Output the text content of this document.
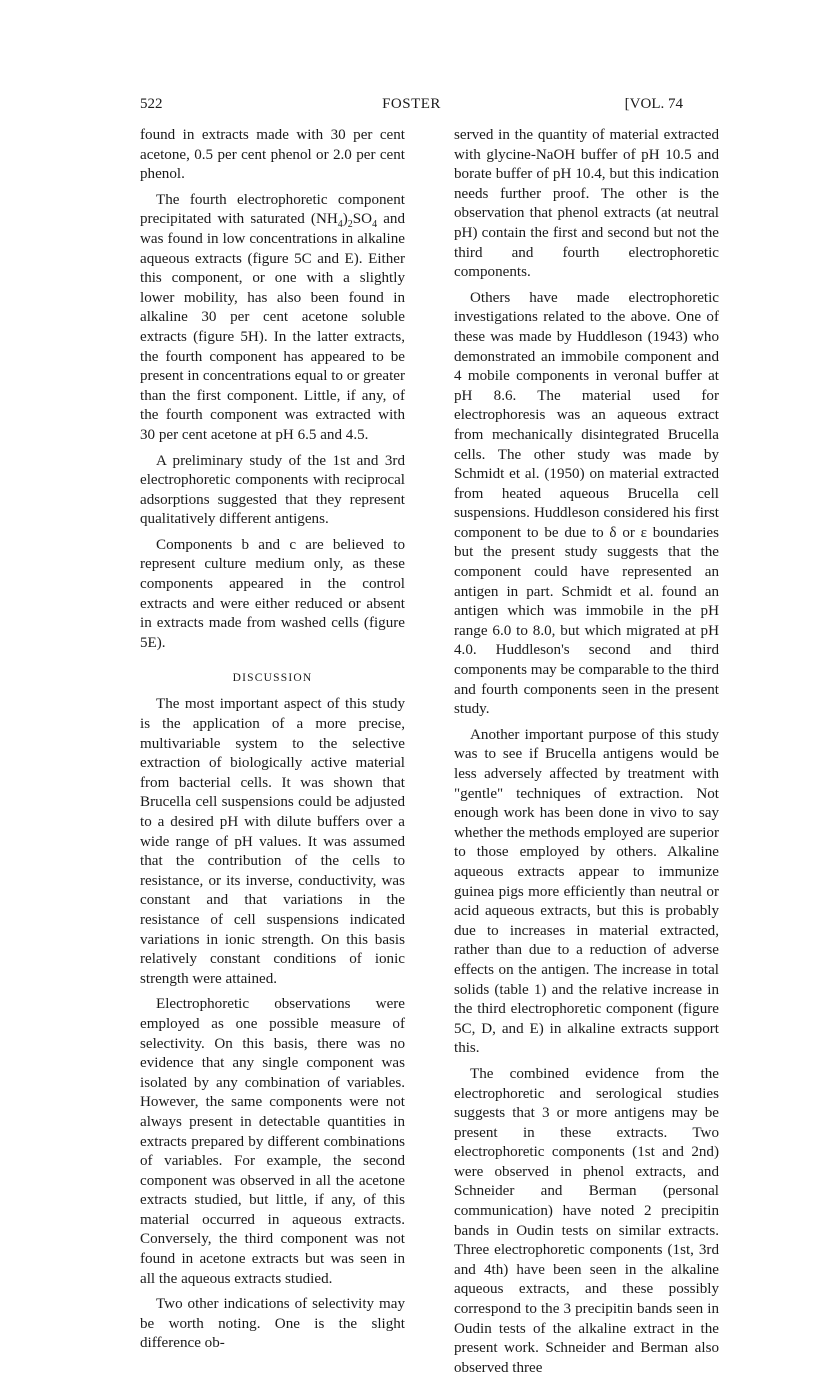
522	FOSTER	[VOL. 74

found in extracts made with 30 per cent acetone, 0.5 per cent phenol or 2.0 per cent phenol.

The fourth electrophoretic component precipitated with saturated $(NH_4)_2SO_4$ and was found in low concentrations in alkaline aqueous extracts (figure 5C and E). Either this component, or one with a slightly lower mobility, has also been found in alkaline 30 per cent acetone soluble extracts (figure 5H). In the latter extracts, the fourth component has appeared to be present in concentrations equal to or greater than the first component. Little, if any, of the fourth component was extracted with 30 per cent acetone at pH 6.5 and 4.5.

A preliminary study of the 1st and 3rd electrophoretic components with reciprocal adsorptions suggested that they represent qualitatively different antigens.

Components b and c are believed to represent culture medium only, as these components appeared in the control extracts and were either reduced or absent in extracts made from washed cells (figure 5E).

DISCUSSION

The most important aspect of this study is the application of a more precise, multivariable system to the selective extraction of biologically active material from bacterial cells. It was shown that Brucella cell suspensions could be adjusted to a desired pH with dilute buffers over a wide range of pH values. It was assumed that the contribution of the cells to resistance, or its inverse, conductivity, was constant and that variations in the resistance of cell suspensions indicated variations in ionic strength. On this basis relatively constant conditions of ionic strength were attained.

Electrophoretic observations were employed as one possible measure of selectivity. On this basis, there was no evidence that any single component was isolated by any combination of variables. However, the same components were not always present in detectable quantities in extracts prepared by different combinations of variables. For example, the second component was observed in all the acetone extracts studied, but little, if any, of this material occurred in aqueous extracts. Conversely, the third component was not found in acetone extracts but was seen in all the aqueous extracts studied.

Two other indications of selectivity may be worth noting. One is the slight difference ob-

served in the quantity of material extracted with glycine-NaOH buffer of pH 10.5 and borate buffer of pH 10.4, but this indication needs further proof. The other is the observation that phenol extracts (at neutral pH) contain the first and second but not the third and fourth electrophoretic components.

Others have made electrophoretic investigations related to the above. One of these was made by Huddleson (1943) who demonstrated an immobile component and 4 mobile components in veronal buffer at pH 8.6. The material used for electrophoresis was an aqueous extract from mechanically disintegrated Brucella cells. The other study was made by Schmidt et al. (1950) on material extracted from heated aqueous Brucella cell suspensions. Huddleson considered his first component to be due to δ or ε boundaries but the present study suggests that the component could have represented an antigen in part. Schmidt et al. found an antigen which was immobile in the pH range 6.0 to 8.0, but which migrated at pH 4.0. Huddleson's second and third components may be comparable to the third and fourth components seen in the present study.

Another important purpose of this study was to see if Brucella antigens would be less adversely affected by treatment with "gentle" techniques of extraction. Not enough work has been done in vivo to say whether the methods employed are superior to those employed by others. Alkaline aqueous extracts appear to immunize guinea pigs more efficiently than neutral or acid aqueous extracts, but this is probably due to increases in material extracted, rather than due to a reduction of adverse effects on the antigen. The increase in total solids (table 1) and the relative increase in the third electrophoretic component (figure 5C, D, and E) in alkaline extracts support this.

The combined evidence from the electrophoretic and serological studies suggests that 3 or more antigens may be present in these extracts. Two electrophoretic components (1st and 2nd) were observed in phenol extracts, and Schneider and Berman (personal communication) have noted 2 precipitin bands in Oudin tests on similar extracts. Three electrophoretic components (1st, 3rd and 4th) have been seen in the alkaline aqueous extracts, and these possibly correspond to the 3 precipitin bands seen in Oudin tests of the alkaline extract in the present work. Schneider and Berman also observed three
